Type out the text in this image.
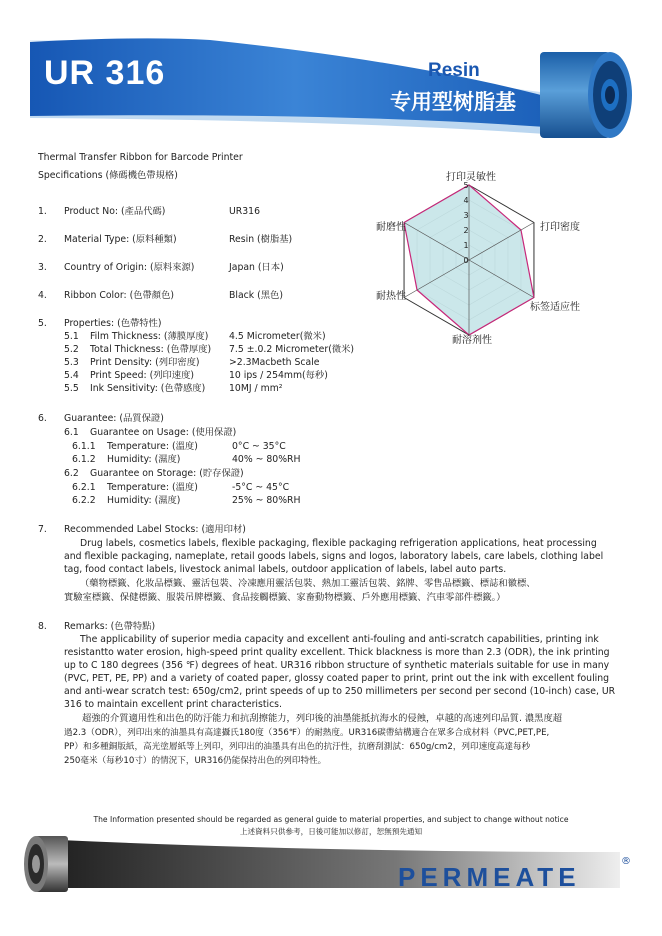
UR 316	Resin
专用型树脂基
Thermal Transfer Ribbon for Barcode Printer
Specifications (條碼機色帶規格)
1. Product No: (產品代碼)	UR316
2. Material Type: (原料種類)	Resin (樹脂基)
3. Country of Origin: (原料來源)	Japan (日本)
4. Ribbon Color: (色帶顏色)	Black (黑色)
5. Properties: (色帶特性)
5.1 Film Thickness: (薄膜厚度) 4.5 Micrometer(微米)
5.2 Total Thickness: (色帶厚度) 7.5 ±.0.2 Micrometer(微米)
5.3 Print Density: (列印密度)	>2.3Macbeth Scale
5.4 Print Speed: (列印速度)	10 ips / 254mm(每秒)
5.5 Ink Sensitivity: (色帶感度)	10MJ / mm²
6. Guarantee: (品質保證)
6.1 Guarantee on Usage: (使用保證)
6.1.1 Temperature: (溫度)	0°C ~ 35°C
6.1.2 Humidity: (濕度)	40% ~ 80%RH
6.2 Guarantee on Storage: (貯存保證)
6.2.1 Temperature: (溫度)	-5°C ~ 45°C
6.2.2 Humidity: (濕度)	25% ~ 80%RH
7. Recommended Label Stocks: (適用印材)
Drug labels, cosmetics labels, flexible packaging, flexible packaging refrigeration applications, heat processing
and flexible packaging, nameplate, retail goods labels, signs and logos, laboratory labels, care labels, clothing label
tag, food contact labels, livestock animal labels, outdoor application of labels, label auto parts.
（藥物標籤、化妝品標籤、靈活包裝、冷凍應用靈活包裝、熱加工靈活包裝、銘牌、零售品標籤、標誌和徽標、
實驗室標籤、保健標籤、服裝吊牌標籤、食品接觸標籤、家畜動物標籤、戶外應用標籤、汽車零部件標籤。）
8. Remarks: (色帶特點)
The applicability of superior media capacity and excellent anti-fouling and anti-scratch capabilities, printing ink
resistantto water erosion, high-speed print quality excellent. Thick blackness is more than 2.3 (ODR), the ink printing
up to C 180 degrees (356 ℉) degrees of heat. UR316 ribbon structure of synthetic materials suitable for use in many
(PVC, PET, PE, PP) and a variety of coated paper, glossy coated paper to print, print out the ink with excellent fouling
and anti-wear scratch test: 650g/cm2, print speeds of up to 250 millimeters per second per second (10-inch) case, UR
316 to maintain excellent print characteristics.
超強的介質適用性和出色的防汙能力和抗刮擦能力，列印後的油墨能抵抗海水的侵蝕，卓越的高速列印品質. 濃黑度超
過2.3（ODR），列印出來的油墨具有高達攝氏180度（356℉）的耐熱度。UR316碳帶結構適合在眾多合成材料（PVC,PET,PE,
PP）和多種銅版紙，高光塗層紙等上列印，列印出的油墨具有出色的抗汙性，抗磨刮測試：650g/cm2，列印速度高達每秒
250毫米（每秒10寸）的情況下，UR316仍能保持出色的列印特性。
0
1
2
3
4
5
打印灵敏性
打印密度
标签适应性
耐溶剂性
耐热性
耐磨性
The Information presented should be regarded as general guide to material properties, and subject to change without notice
上述資料只供參考，日後可能加以修訂，恕無預先通知
PERMEATE
®
